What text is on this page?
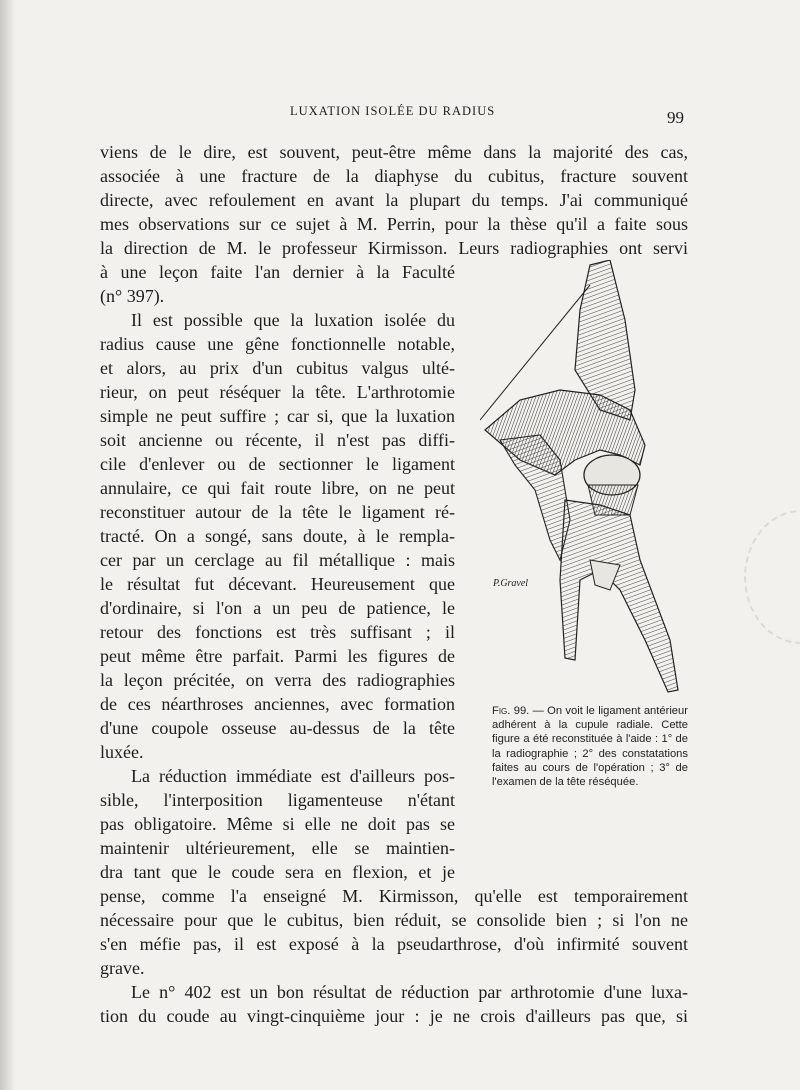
LUXATION ISOLÉE DU RADIUS	99
viens de le dire, est souvent, peut-être même dans la majorité des cas,
associée à une fracture de la diaphyse du cubitus, fracture souvent
directe, avec refoulement en avant la plupart du temps. J'ai communiqué
mes observations sur ce sujet à M. Perrin, pour la thèse qu'il a faite sous
la direction de M. le professeur Kirmisson. Leurs radiographies ont servi
à une leçon faite l'an dernier à la Faculté
(n° 397).
Il est possible que la luxation isolée du
radius cause une gêne fonctionnelle notable,
et alors, au prix d'un cubitus valgus ulté-
rieur, on peut réséquer la tête. L'arthrotomie
simple ne peut suffire ; car si, que la luxation
soit ancienne ou récente, il n'est pas diffi-
cile d'enlever ou de sectionner le ligament
annulaire, ce qui fait route libre, on ne peut
reconstituer autour de la tête le ligament ré-
tracté. On a songé, sans doute, à le rempla-
cer par un cerclage au fil métallique : mais
le résultat fut décevant. Heureusement que
d'ordinaire, si l'on a un peu de patience, le
retour des fonctions est très suffisant ; il
peut même être parfait. Parmi les figures de
la leçon précitée, on verra des radiographies
de ces néarthroses anciennes, avec formation
d'une coupole osseuse au-dessus de la tête
luxée.
La réduction immédiate est d'ailleurs pos-
sible, l'interposition ligamenteuse n'étant
pas obligatoire. Même si elle ne doit pas se
maintenir ultérieurement, elle se maintien-
dra tant que le coude sera en flexion, et je
pense, comme l'a enseigné M. Kirmisson, qu'elle est temporairement
nécessaire pour que le cubitus, bien réduit, se consolide bien ; si l'on ne
s'en méfie pas, il est exposé à la pseudarthrose, d'où infirmité souvent
grave.
Le n° 402 est un bon résultat de réduction par arthrotomie d'une luxa-
tion du coude au vingt-cinquième jour : je ne crois d'ailleurs pas que, si
P.Gravel
Fig. 99. — On voit le ligament antérieur adhérent à la cupule radiale. Cette figure a été reconstituée à l'aide : 1° de la radiographie ; 2° des constatations faites au cours de l'opération ; 3° de l'examen de la tête réséquée.
